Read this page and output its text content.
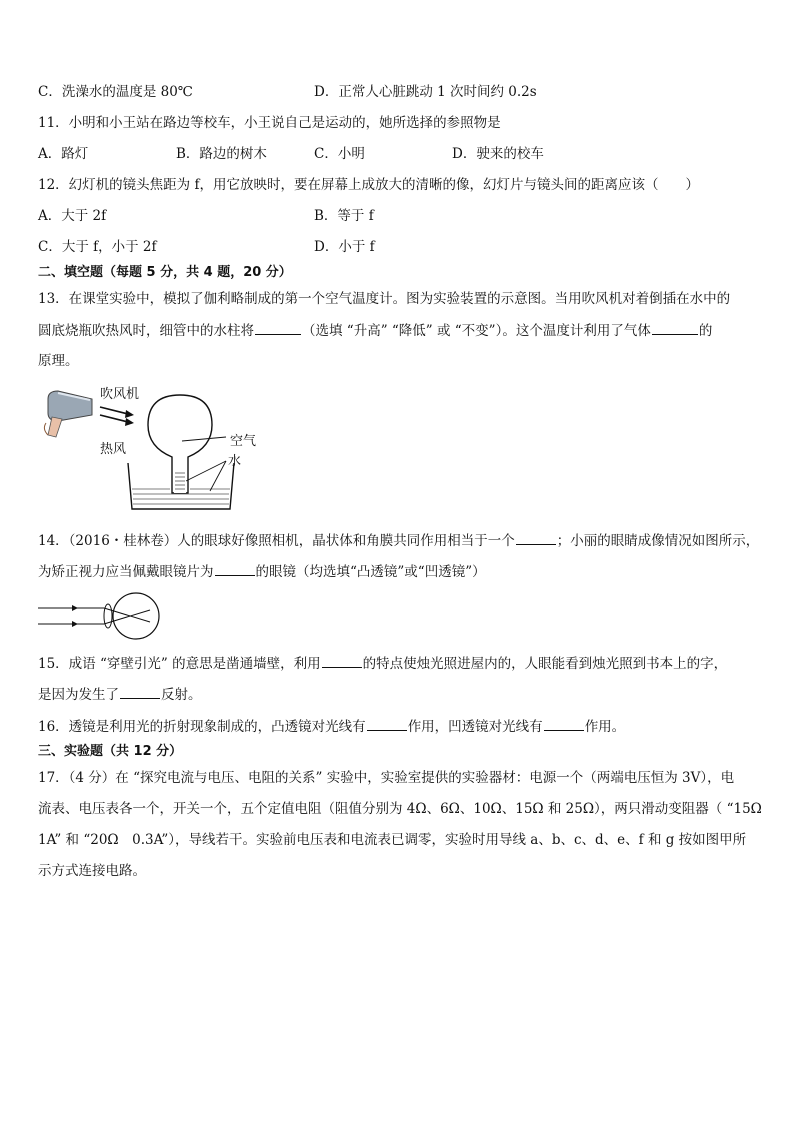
C．洗澡水的温度是 80℃	D．正常人心脏跳动 1 次时间约 0.2s
11．小明和小王站在路边等校车，小王说自己是运动的，她所选择的参照物是
A．路灯	B．路边的树木	C．小明	D．驶来的校车
12．幻灯机的镜头焦距为 f，用它放映时，要在屏幕上成放大的清晰的像，幻灯片与镜头间的距离应该（　　）
A．大于 2f	B．等于 f
C．大于 f，小于 2f	D．小于 f
二、填空题（每题 5 分，共 4 题，20 分）
13．在课堂实验中，模拟了伽利略制成的第一个空气温度计。图为实验装置的示意图。当用吹风机对着倒插在水中的
圆底烧瓶吹热风时，细管中的水柱将	（选填 “升高” “降低” 或 “不变”）。这个温度计利用了气体	的
原理。
吹风机
热风
空气
水
14．（2016・桂林卷）人的眼球好像照相机，晶状体和角膜共同作用相当于一个	；小丽的眼睛成像情况如图所示，
为矫正视力应当佩戴眼镜片为	的眼镜（均选填“凸透镜”或“凹透镜”）
15．成语 “穿壁引光” 的意思是凿通墙壁，利用	的特点使烛光照进屋内的，人眼能看到烛光照到书本上的字，
是因为发生了	反射。
16．透镜是利用光的折射现象制成的，凸透镜对光线有	作用，凹透镜对光线有	作用。
三、实验题（共 12 分）
17．（4 分）在 “探究电流与电压、电阻的关系” 实验中，实验室提供的实验器材：电源一个（两端电压恒为 3V），电
流表、电压表各一个，开关一个，五个定值电阻（阻值分别为 4Ω、6Ω、10Ω、15Ω 和 25Ω），两只滑动变阻器（ “15Ω
1A” 和 “20Ω　0.3A”），导线若干。实验前电压表和电流表已调零，实验时用导线 a、b、c、d、e、f 和 g 按如图甲所
示方式连接电路。
